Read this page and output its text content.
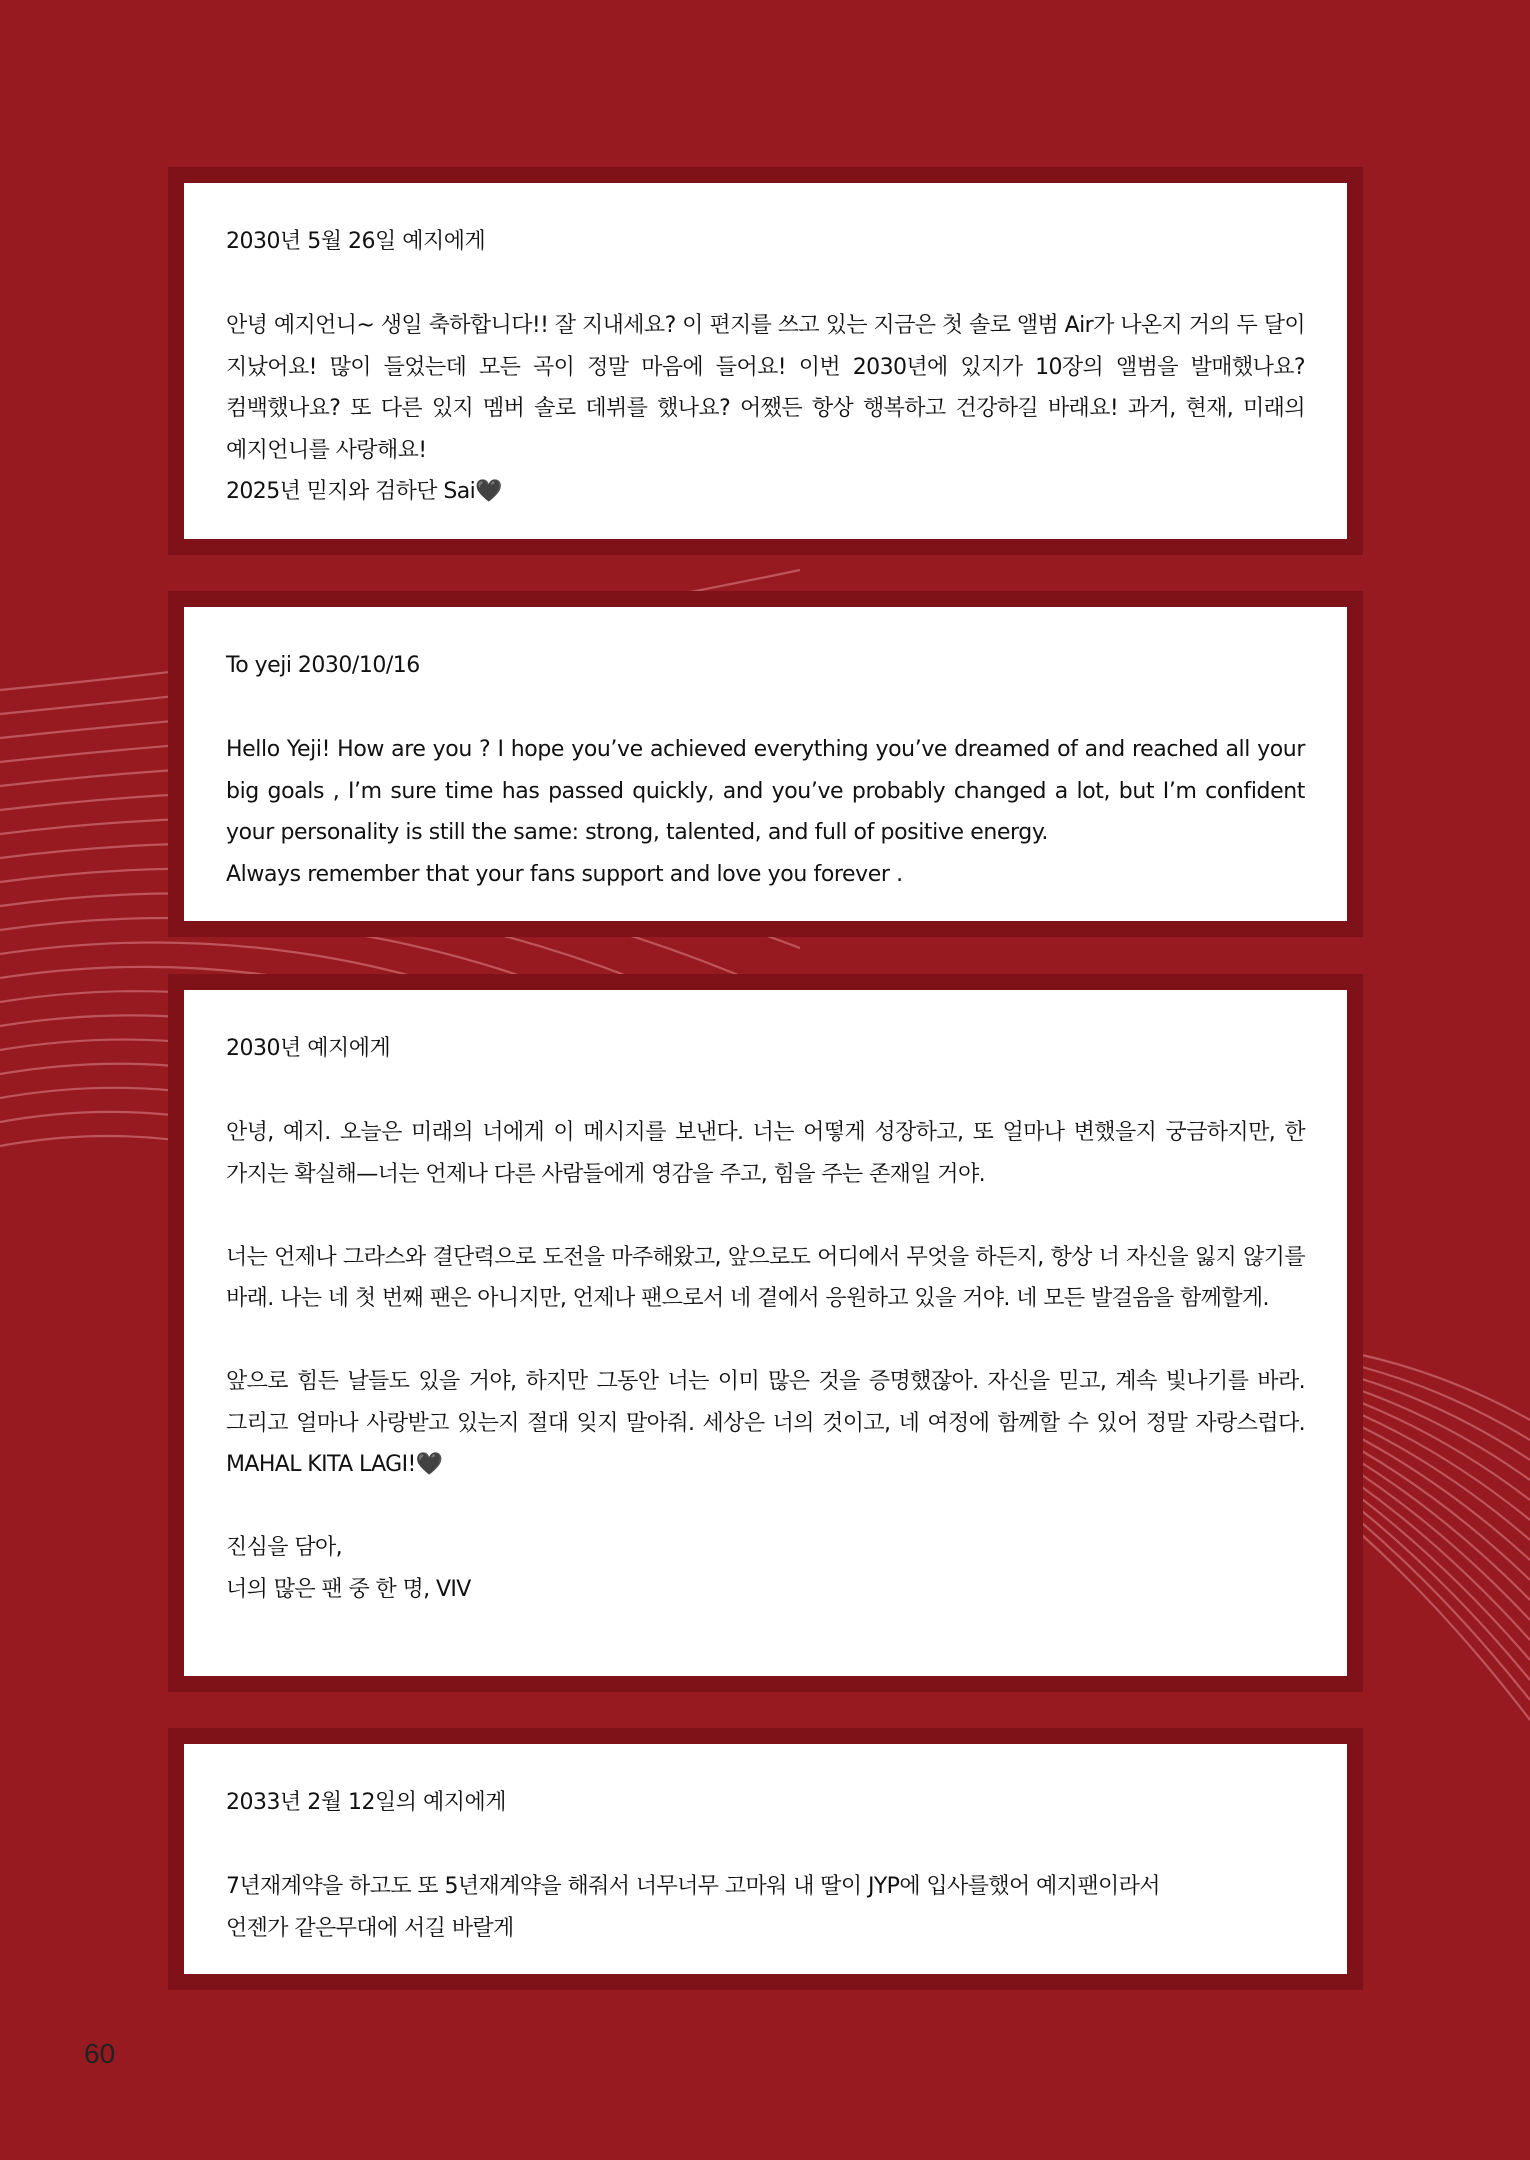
2030년 5월 26일 예지에게

안녕 예지언니~ 생일 축하합니다!! 잘 지내세요? 이 편지를 쓰고 있는 지금은 첫 솔로 앨범 Air가 나온지 거의 두 달이 지났어요! 많이 들었는데 모든 곡이 정말 마음에 들어요! 이번 2030년에 있지가 10장의 앨범을 발매했나요? 컴백했나요? 또 다른 있지 멤버 솔로 데뷔를 했나요? 어쨌든 항상 행복하고 건강하길 바래요! 과거, 현재, 미래의 예지언니를 사랑해요!

2025년 믿지와 검하단 Sai🖤

To yeji 2030/10/16

Hello Yeji! How are you ? I hope you’ve achieved everything you’ve dreamed of and reached all your big goals , I’m sure time has passed quickly, and you’ve probably changed a lot, but I’m confident your personality is still the same: strong, talented, and full of positive energy.

Always remember that your fans support and love you forever .

2030년 예지에게

안녕, 예지. 오늘은 미래의 너에게 이 메시지를 보낸다. 너는 어떻게 성장하고, 또 얼마나 변했을지 궁금하지만, 한 가지는 확실해—너는 언제나 다른 사람들에게 영감을 주고, 힘을 주는 존재일 거야.

너는 언제나 그라스와 결단력으로 도전을 마주해왔고, 앞으로도 어디에서 무엇을 하든지, 항상 너 자신을 잃지 않기를 바래. 나는 네 첫 번째 팬은 아니지만, 언제나 팬으로서 네 곁에서 응원하고 있을 거야. 네 모든 발걸음을 함께할게.

앞으로 힘든 날들도 있을 거야, 하지만 그동안 너는 이미 많은 것을 증명했잖아. 자신을 믿고, 계속 빛나기를 바라. 그리고 얼마나 사랑받고 있는지 절대 잊지 말아줘. 세상은 너의 것이고, 네 여정에 함께할 수 있어 정말 자랑스럽다. MAHAL KITA LAGI!🖤

진심을 담아,

너의 많은 팬 중 한 명, VIV

2033년 2월 12일의 예지에게

7년재계약을 하고도 또 5년재계약을 해줘서 너무너무 고마워 내 딸이 JYP에 입사를했어 예지팬이라서

언젠가 같은무대에 서길 바랄게

60
